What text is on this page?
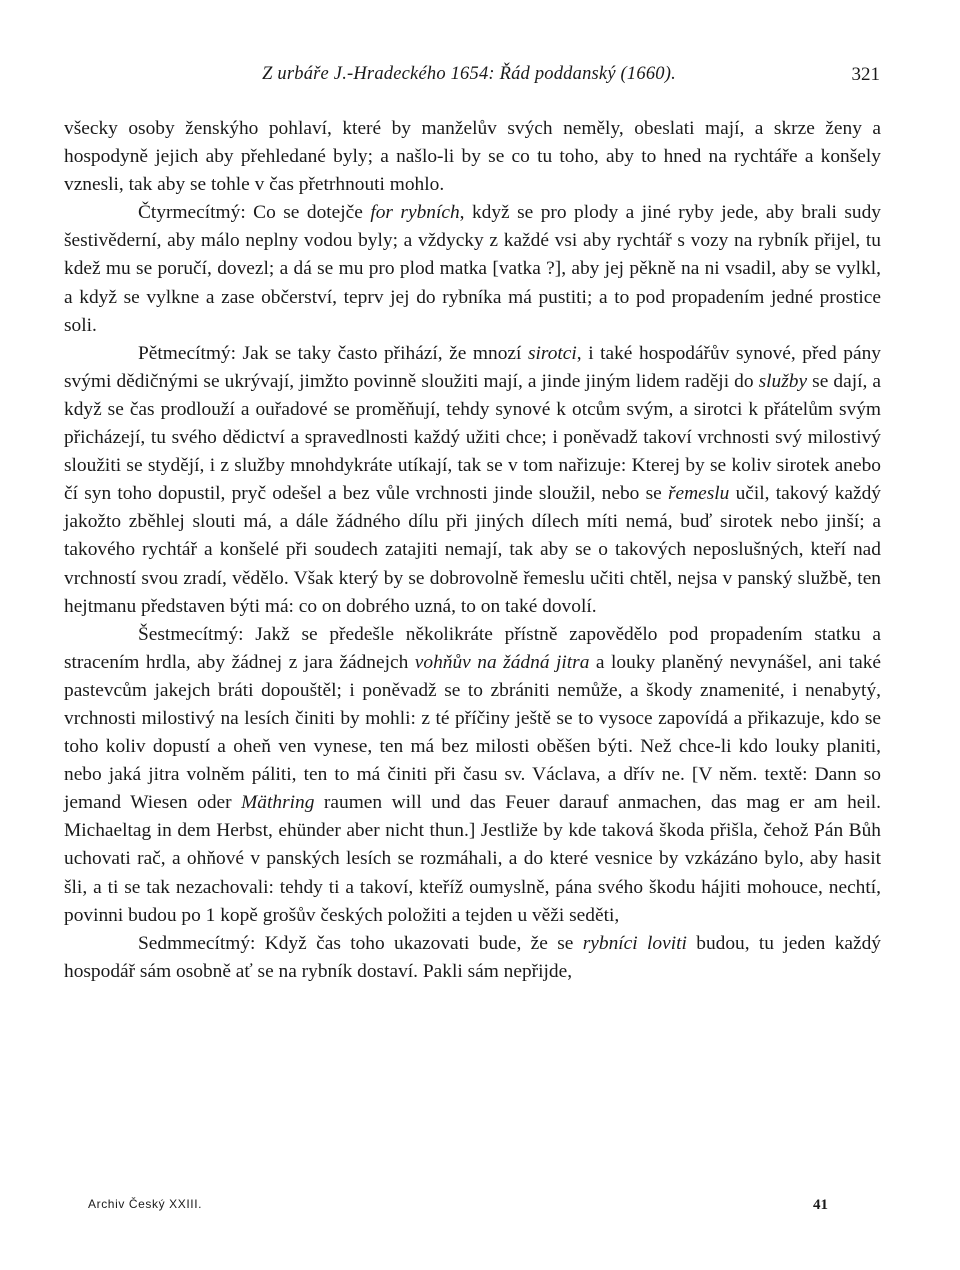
Z urbáře J.-Hradeckého 1654: Řád poddanský (1660).	321

všecky osoby ženskýho pohlaví, které by manželův svých neměly, obeslati mají, a skrze ženy a hospodyně jejich aby přehledané byly; a našlo-li by se co tu toho, aby to hned na rychtáře a konšely vznesli, tak aby se tohle v čas přetrhnouti mohlo.

Čtyrmecítmý: Co se dotejče for rybních, když se pro plody a jiné ryby jede, aby brali sudy šestivěderní, aby málo neplny vodou byly; a vždycky z každé vsi aby rychtář s vozy na rybník přijel, tu kdež mu se poručí, dovezl; a dá se mu pro plod matka [vatka ?], aby jej pěkně na ni vsadil, aby se vylkl, a když se vylkne a zase občerství, teprv jej do rybníka má pustiti; a to pod propadením jedné prostice soli.

Pětmecítmý: Jak se taky často přihází, že mnozí sirotci, i také hospodářův synové, před pány svými dědičnými se ukrývají, jimžto povinně sloužiti mají, a jinde jiným lidem raději do služby se dají, a když se čas prodlouží a ouřadové se proměňují, tehdy synové k otcům svým, a sirotci k přátelům svým přicházejí, tu svého dědictví a spravedlnosti každý užiti chce; i poněvadž takoví vrchnosti svý milostivý sloužiti se stydějí, i z služby mnohdykráte utíkají, tak se v tom nařizuje: Kterej by se koliv sirotek anebo čí syn toho dopustil, pryč odešel a bez vůle vrchnosti jinde sloužil, nebo se řemeslu učil, takový každý jakožto zběhlej slouti má, a dále žádného dílu při jiných dílech míti nemá, buď sirotek nebo jinší; a takového rychtář a konšelé při soudech zatajiti nemají, tak aby se o takových neposlušných, kteří nad vrchností svou zradí, vědělo. Však který by se dobrovolně řemeslu učiti chtěl, nejsa v panský službě, ten hejtmanu představen býti má: co on dobrého uzná, to on také dovolí.

Šestmecítmý: Jakž se předešle několikráte přístně zapovědělo pod propadením statku a stracením hrdla, aby žádnej z jara žádnejch vohňův na žádná jitra a louky planěný nevynášel, ani také pastevcům jakejch bráti dopouštěl; i poněvadž se to zbrániti nemůže, a škody znamenité, i nenabytý, vrchnosti milostivý na lesích činiti by mohli: z té příčiny ještě se to vysoce zapovídá a přikazuje, kdo se toho koliv dopustí a oheň ven vynese, ten má bez milosti oběšen býti. Než chce-li kdo louky planiti, nebo jaká jitra volněm páliti, ten to má činiti při času sv. Václava, a dřív ne. [V něm. textě: Dann so jemand Wiesen oder Mäthring raumen will und das Feuer darauf anmachen, das mag er am heil. Michaeltag in dem Herbst, ehünder aber nicht thun.] Jestliže by kde taková škoda přišla, čehož Pán Bůh uchovati rač, a ohňové v panských lesích se rozmáhali, a do které vesnice by vzkázáno bylo, aby hasit šli, a ti se tak nezachovali: tehdy ti a takoví, kteříž oumyslně, pána svého škodu hájiti mohouce, nechtí, povinni budou po 1 kopě grošův českých položiti a tejden u věži seděti,

Sedmmecítmý: Když čas toho ukazovati bude, že se rybníci loviti budou, tu jeden každý hospodář sám osobně ať se na rybník dostaví. Pakli sám nepřijde,

Archiv Český XXIII.	41
